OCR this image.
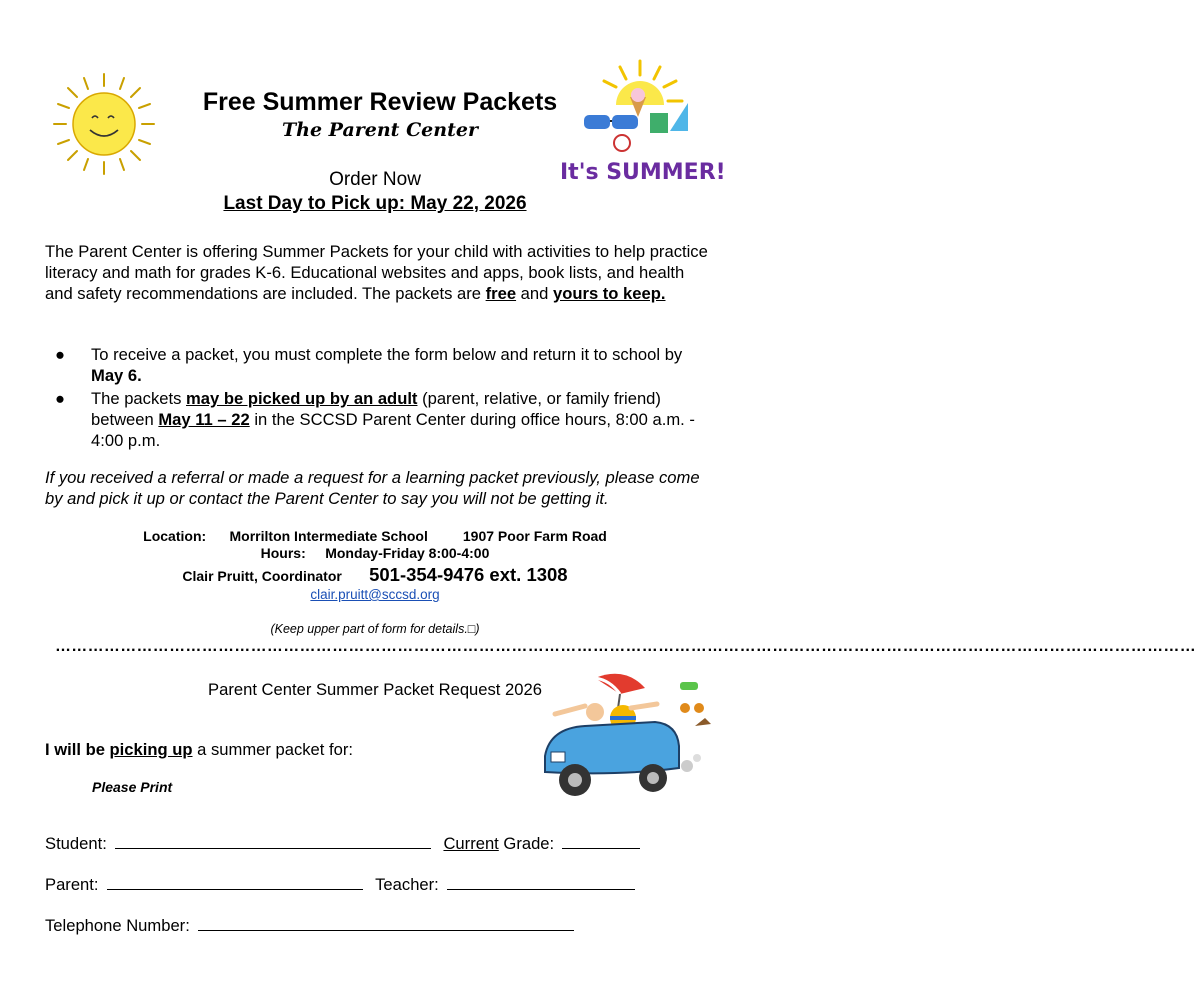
It's SUMMER!
Free Summer Review Packets
The Parent Center
Order Now
Last Day to Pick up: May 22, 2026
The Parent Center is offering Summer Packets for your child with activities to help practice literacy and math for grades K-6. Educational websites and apps, book lists, and health and safety recommendations are included. The packets are free and yours to keep.
● To receive a packet, you must complete the form below and return it to school by May 6.
● The packets may be picked up by an adult (parent, relative, or family friend) between May 11 – 22 in the SCCSD Parent Center during office hours, 8:00 a.m. - 4:00 p.m.
If you received a referral or made a request for a learning packet previously, please come by and pick it up or contact the Parent Center to say you will not be getting it.
Location: Morrilton Intermediate School	1907 Poor Farm Road
Hours: Monday-Friday 8:00-4:00
Clair Pruitt, Coordinator 501-354-9476 ext. 1308
clair.pruitt@sccsd.org
(Keep upper part of form for details.□)
…………………………………………………………………………………………………………………………………………………………………………………………
Parent Center Summer Packet Request 2026
I will be picking up a summer packet for:
Please Print
Student:	Current Grade:
Parent:	Teacher:
Telephone Number:
